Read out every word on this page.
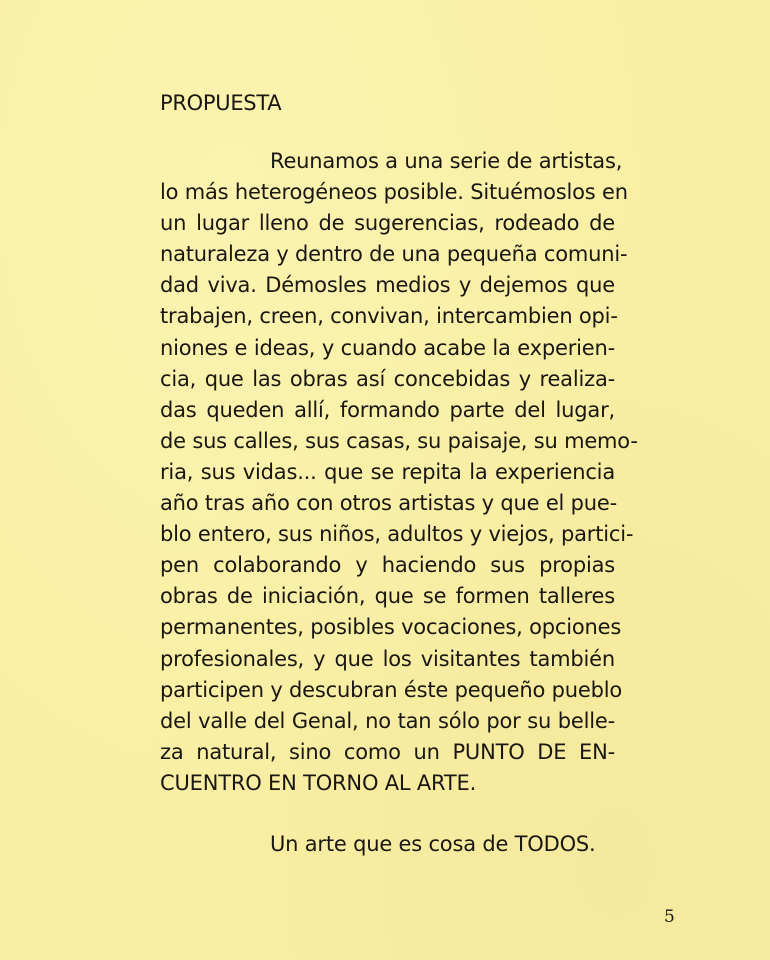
PROPUESTA
Reunamos a una serie de artistas,
lo más heterogéneos posible. Situémoslos en
un lugar lleno de sugerencias, rodeado de
naturaleza y dentro de una pequeña comuni-
dad viva. Démosles medios y dejemos que
trabajen, creen, convivan, intercambien opi-
niones e ideas, y cuando acabe la experien-
cia, que las obras así concebidas y realiza-
das queden allí, formando parte del lugar,
de sus calles, sus casas, su paisaje, su memo-
ria, sus vidas... que se repita la experiencia
año tras año con otros artistas y que el pue-
blo entero, sus niños, adultos y viejos, partici-
pen colaborando y haciendo sus propias
obras de iniciación, que se formen talleres
permanentes, posibles vocaciones, opciones
profesionales, y que los visitantes también
participen y descubran éste pequeño pueblo
del valle del Genal, no tan sólo por su belle-
za natural, sino como un PUNTO DE EN-
CUENTRO EN TORNO AL ARTE.
Un arte que es cosa de TODOS.
5
